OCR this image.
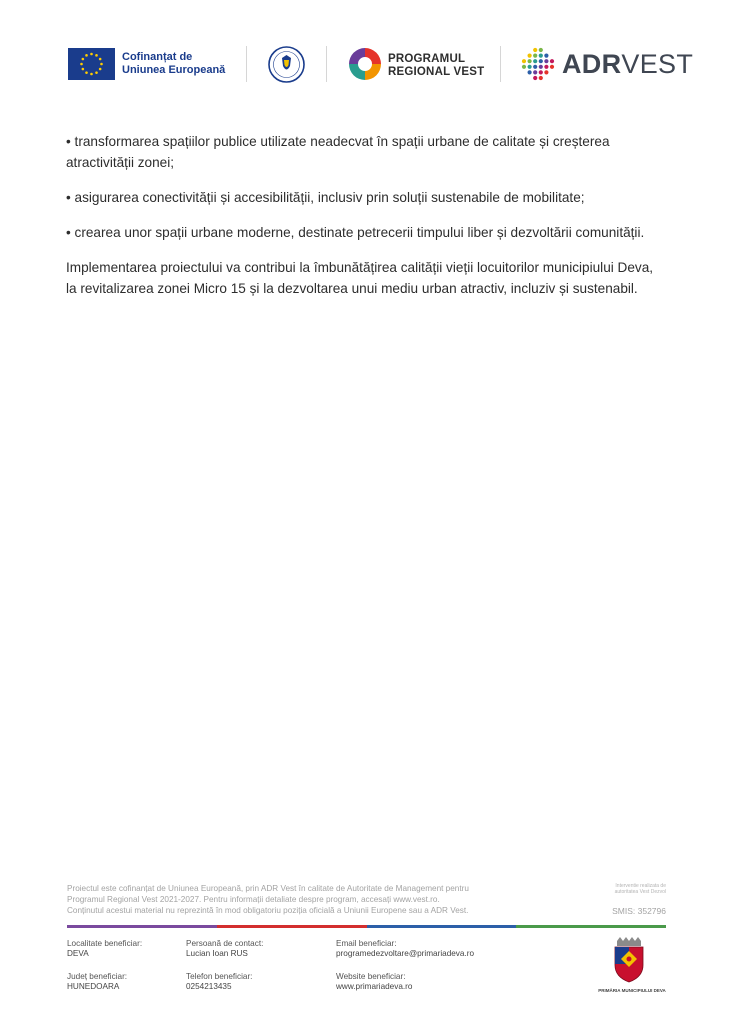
Cofinanțat de
Uniunea Europeană
PROGRAMUL
REGIONAL VEST	ADRVEST

• transformarea spațiilor publice utilizate neadecvat în spații urbane de calitate și creșterea atractivității zonei;

• asigurarea conectivității și accesibilității, inclusiv prin soluții sustenabile de mobilitate;

• crearea unor spații urbane moderne, destinate petrecerii timpului liber și dezvoltării comunității.

Implementarea proiectului va contribui la îmbunătățirea calității vieții locuitorilor municipiului Deva, la revitalizarea zonei Micro 15 și la dezvoltarea unui mediu urban atractiv, incluziv și sustenabil.

Proiectul este cofinanțat de Uniunea Europeană, prin ADR Vest în calitate de Autoritate de Management pentru
Programul Regional Vest 2021-2027. Pentru informații detaliate despre program, accesați www.vest.ro.
Conținutul acestui material nu reprezintă în mod obligatoriu poziția oficială a Uniunii Europene sau a ADR Vest.
Interventie realizata de autoritatea Vest Dezvol
SMIS: 352796
Localitate beneficiar:
DEVA
Persoană de contact:
Lucian Ioan RUS
Email beneficiar:
programedezvoltare@primariadeva.ro
Județ beneficiar:
HUNEDOARA
Telefon beneficiar:
0254213435
Website beneficiar:
www.primariadeva.ro	PRIMĂRIA MUNICIPIULUI DEVA
